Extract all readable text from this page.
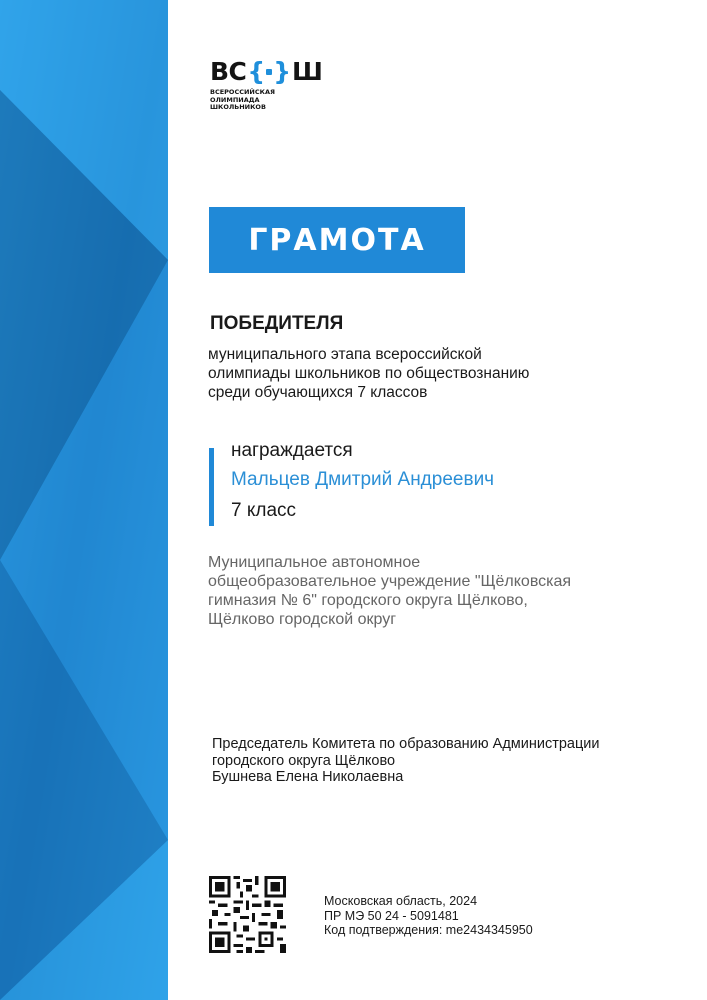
ВС { } Ш
ВСЕРОССИЙСКАЯ
ОЛИМПИАДА
ШКОЛЬНИКОВ
ГРАМОТА
ПОБЕДИТЕЛЯ
муниципального этапа всероссийской
олимпиады школьников по обществознанию
среди обучающихся 7 классов
награждается
Мальцев Дмитрий Андреевич
7 класс
Муниципальное автономное
общеобразовательное учреждение "Щёлковская
гимназия № 6" городского округа Щёлково,
Щёлково городской округ
Председатель Комитета по образованию Администрации
городского округа Щёлково
Бушнева Елена Николаевна
Московская область, 2024
ПР МЭ 50 24 - 5091481
Код подтверждения: me2434345950
